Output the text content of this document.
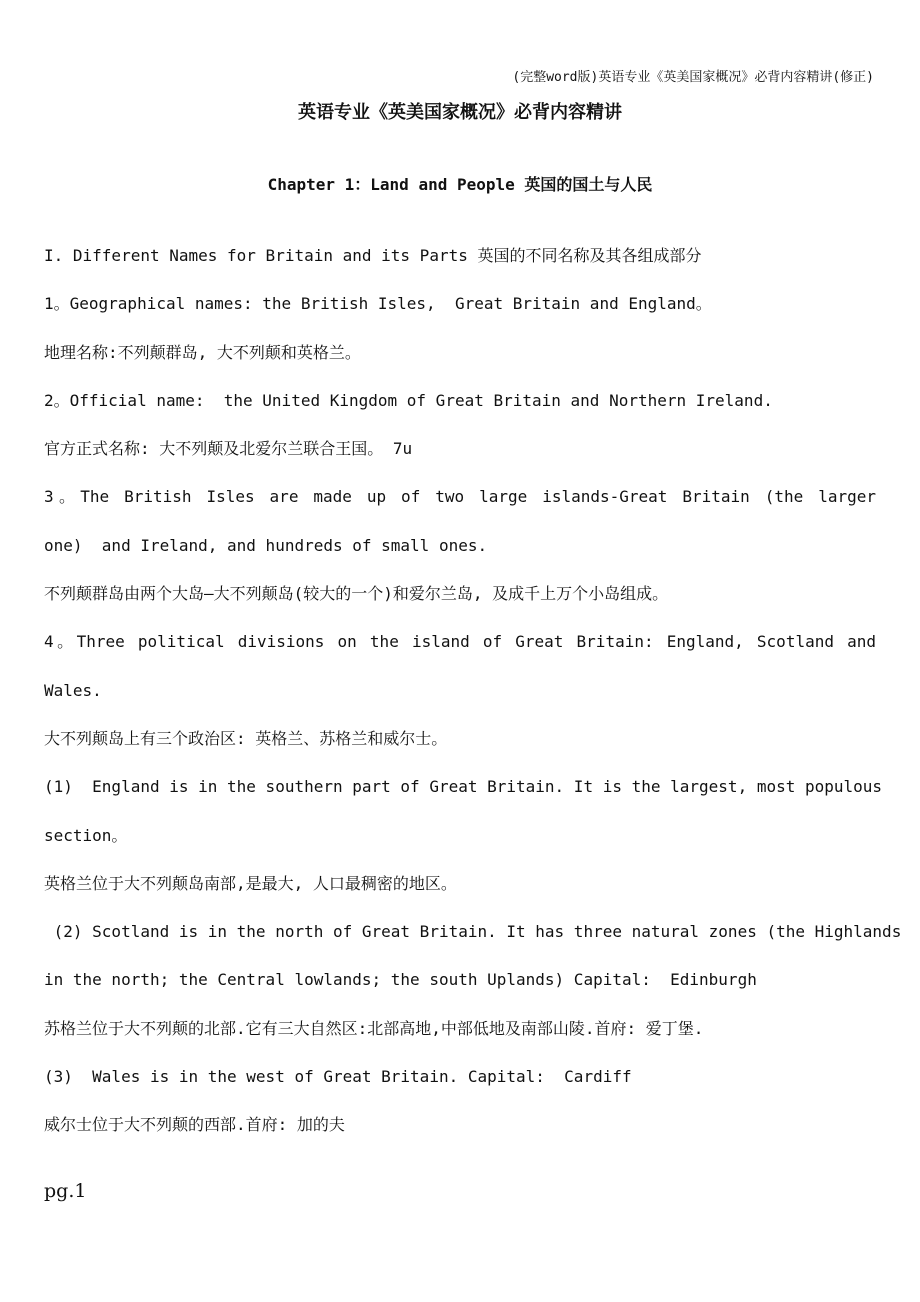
(完整word版)英语专业《英美国家概况》必背内容精讲(修正)
英语专业《英美国家概况》必背内容精讲
Chapter 1：Land and People 英国的国土与人民
I. Different Names for Britain and its Parts 英国的不同名称及其各组成部分
1。Geographical names: the British Isles,  Great Britain and England。
地理名称:不列颠群岛, 大不列颠和英格兰。
2。Official name:  the United Kingdom of Great Britain and Northern Ireland.
官方正式名称: 大不列颠及北爱尔兰联合王国。 7u
3。The British Isles are made up of two large islands-Great Britain (the larger
one)  and Ireland, and hundreds of small ones.
不列颠群岛由两个大岛—大不列颠岛(较大的一个)和爱尔兰岛, 及成千上万个小岛组成。
4。Three political divisions on the island of Great Britain: England, Scotland and
Wales.
大不列颠岛上有三个政治区: 英格兰、苏格兰和威尔士。
(1)  England is in the southern part of Great Britain. It is the largest, most populous
section。
英格兰位于大不列颠岛南部,是最大, 人口最稠密的地区。
(2) Scotland is in the north of Great Britain. It has three natural zones (the Highlands
in the north; the Central lowlands; the south Uplands) Capital:  Edinburgh
苏格兰位于大不列颠的北部.它有三大自然区:北部高地,中部低地及南部山陵.首府: 爱丁堡.
(3)  Wales is in the west of Great Britain. Capital:  Cardiff
威尔士位于大不列颠的西部.首府: 加的夫
pg.1
